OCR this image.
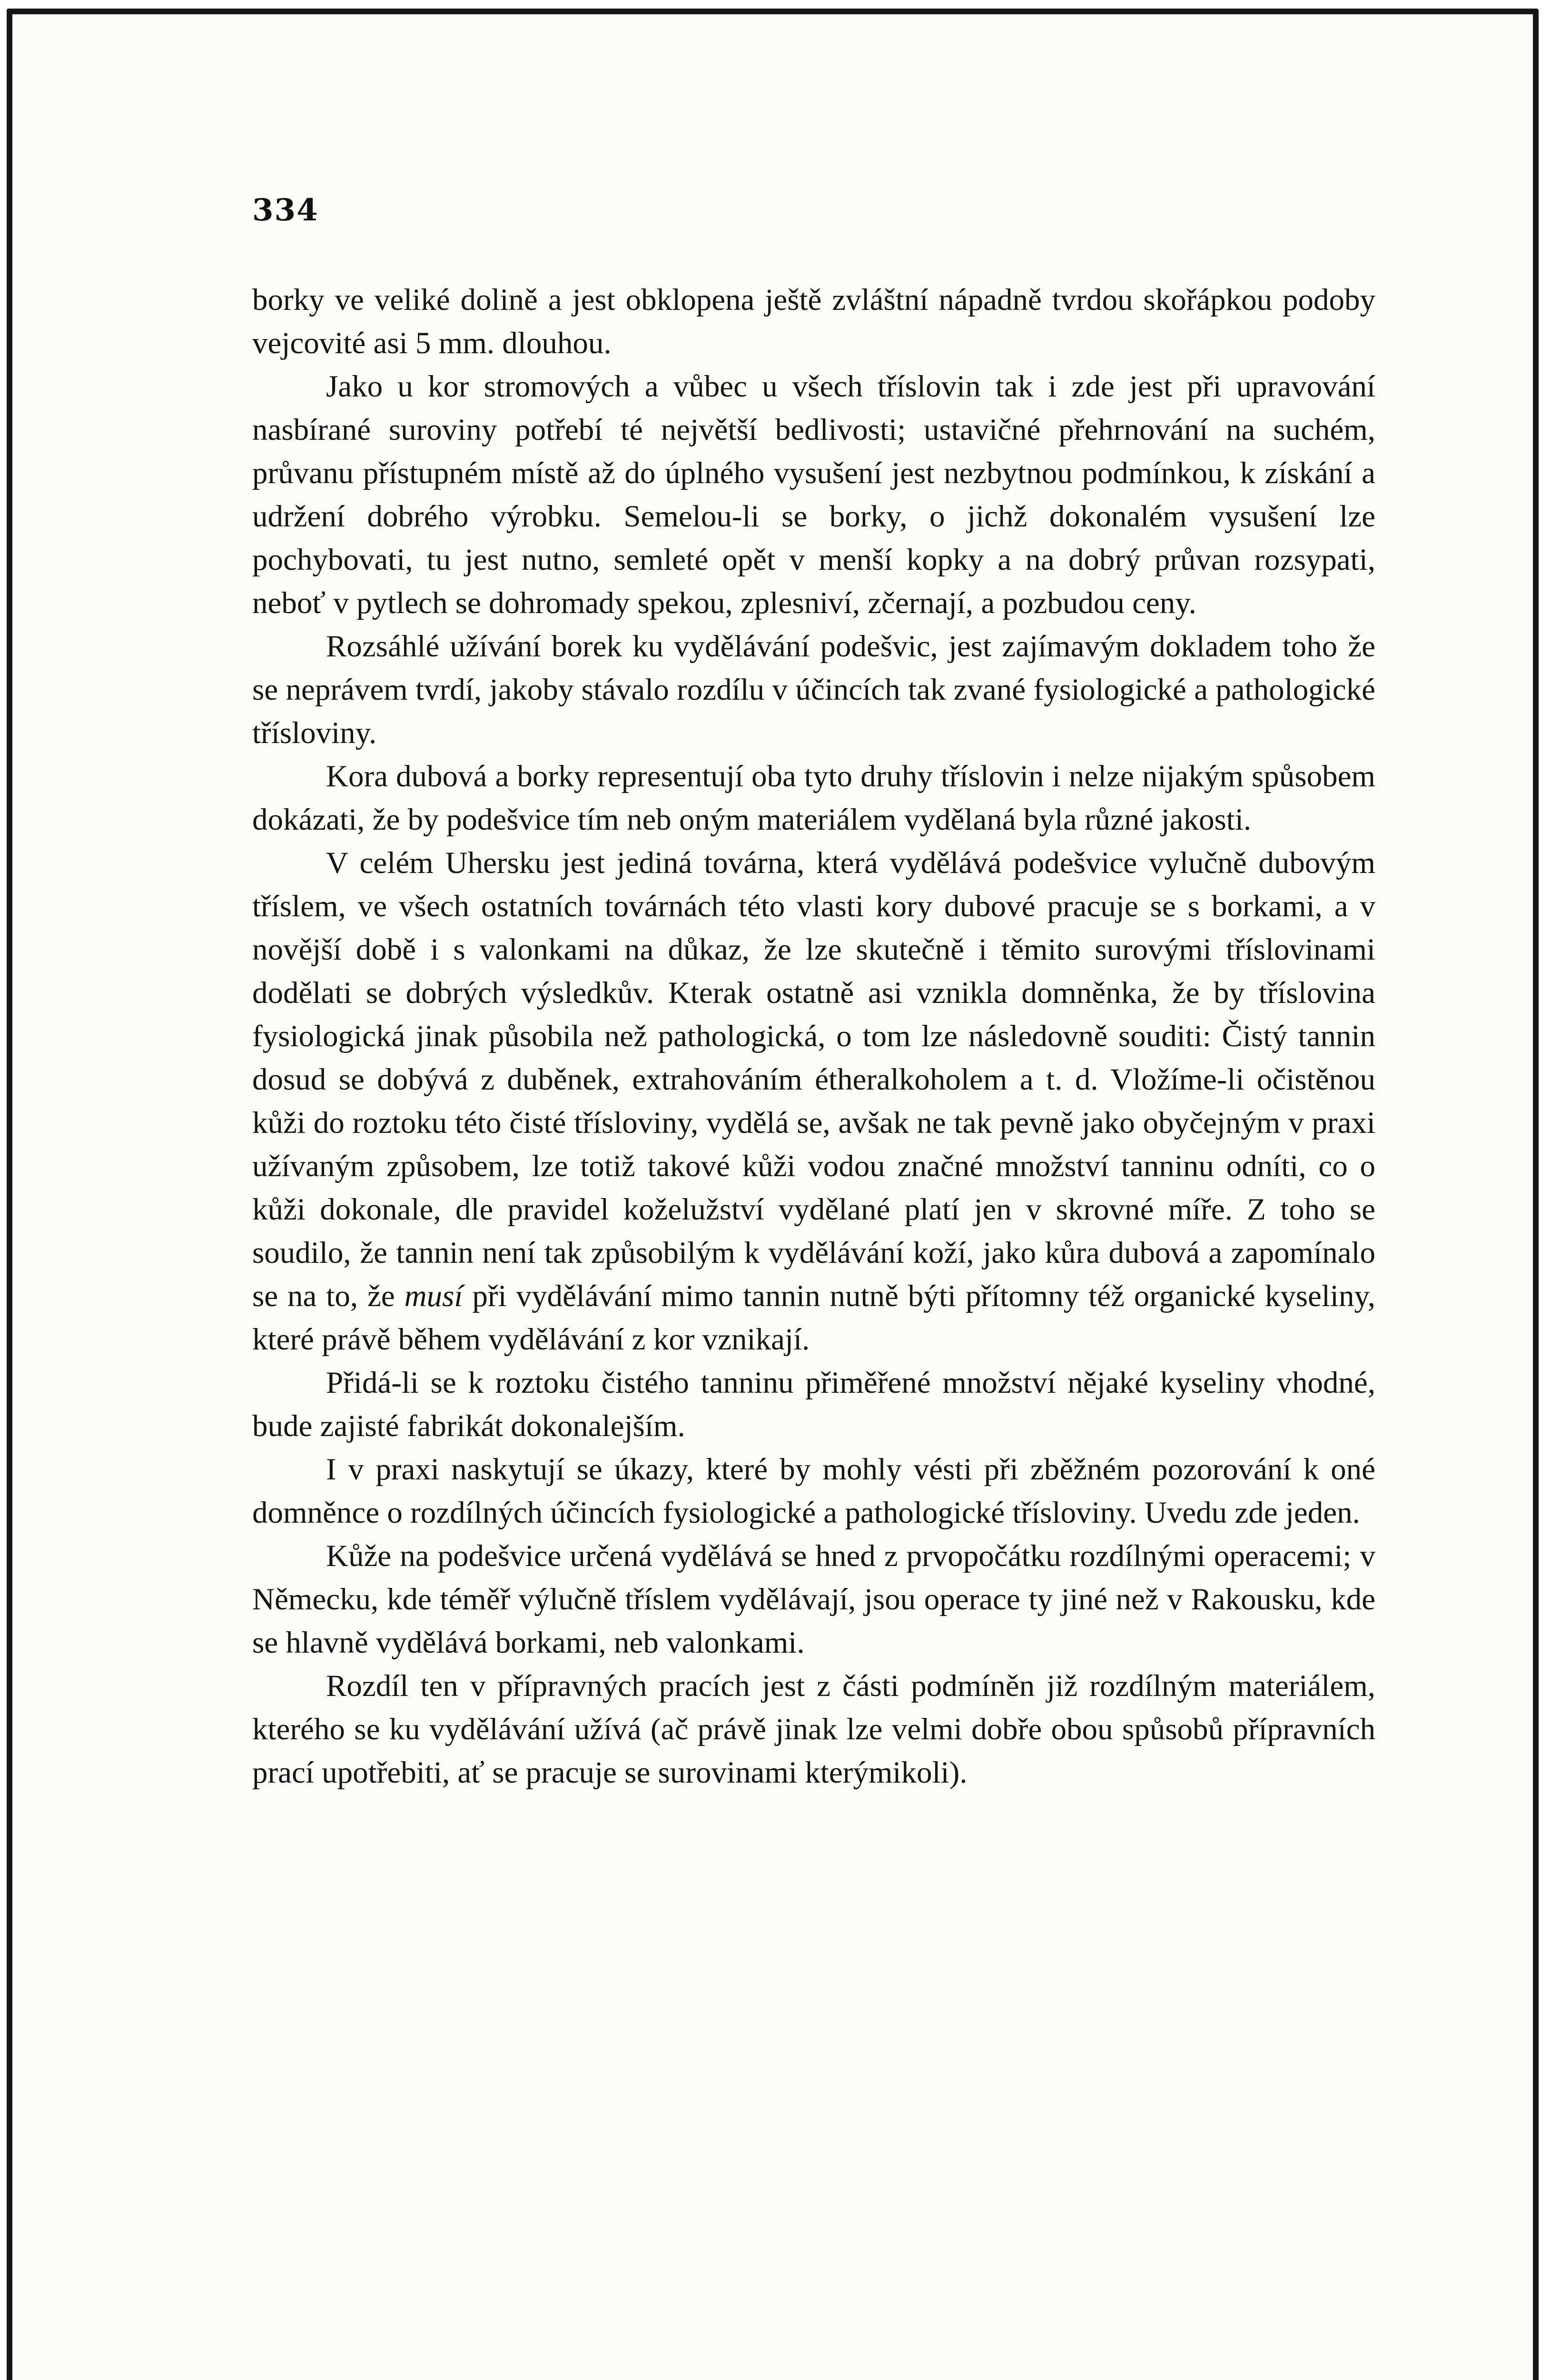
334

borky ve veliké dolině a jest obklopena ještě zvláštní nápadně tvrdou skořápkou podoby vejcovité asi 5 mm. dlouhou.

Jako u kor stromových a vůbec u všech tříslovin tak i zde jest při upravování nasbírané suroviny potřebí té největší bedlivosti; ustavičné přehrnování na suchém, průvanu přístupném místě až do úplného vysušení jest nezbytnou podmínkou, k získání a udržení dobrého výrobku. Semelou-li se borky, o jichž dokonalém vysušení lze pochybovati, tu jest nutno, semleté opět v menší kopky a na dobrý průvan rozsypati, neboť v pytlech se dohromady spekou, zplesniví, zčernají, a pozbudou ceny.

Rozsáhlé užívání borek ku vydělávání podešvic, jest zajímavým dokladem toho že se neprávem tvrdí, jakoby stávalo rozdílu v účincích tak zvané fysiologické a pathologické třísloviny.

Kora dubová a borky representují oba tyto druhy tříslovin i nelze nijakým spůsobem dokázati, že by podešvice tím neb oným materiálem vydělaná byla různé jakosti.

V celém Uhersku jest jediná továrna, která vydělává podešvice vylučně dubovým tříslem, ve všech ostatních továrnách této vlasti kory dubové pracuje se s borkami, a v novější době i s valonkami na důkaz, že lze skutečně i těmito surovými tříslovinami dodělati se dobrých výsledkův. Kterak ostatně asi vznikla domněnka, že by tříslovina fysiologická jinak působila než pathologická, o tom lze následovně souditi: Čistý tannin dosud se dobývá z duběnek, extrahováním étheralkoholem a t. d. Vložíme-li očistěnou kůži do roztoku této čisté třísloviny, vydělá se, avšak ne tak pevně jako obyčejným v praxi užívaným způsobem, lze totiž takové kůži vodou značné množství tanninu odníti, co o kůži dokonale, dle pravidel koželužství vydělané platí jen v skrovné míře. Z toho se soudilo, že tannin není tak způsobilým k vydělávání koží, jako kůra dubová a zapomínalo se na to, že musí při vydělávání mimo tannin nutně býti přítomny též organické kyseliny, které právě během vydělávání z kor vznikají.

Přidá-li se k roztoku čistého tanninu přiměřené množství nějaké kyseliny vhodné, bude zajisté fabrikát dokonalejším.

I v praxi naskytují se úkazy, které by mohly vésti při zběžném pozorování k oné domněnce o rozdílných účincích fysiologické a pathologické třísloviny. Uvedu zde jeden.

Kůže na podešvice určená vydělává se hned z prvopočátku rozdílnými operacemi; v Německu, kde téměř výlučně tříslem vydělávají, jsou operace ty jiné než v Rakousku, kde se hlavně vydělává borkami, neb valonkami.

Rozdíl ten v přípravných pracích jest z části podmíněn již rozdílným materiálem, kterého se ku vydělávání užívá (ač právě jinak lze velmi dobře obou spůsobů přípravních prací upotřebiti, ať se pracuje se surovinami kterýmikoli).
